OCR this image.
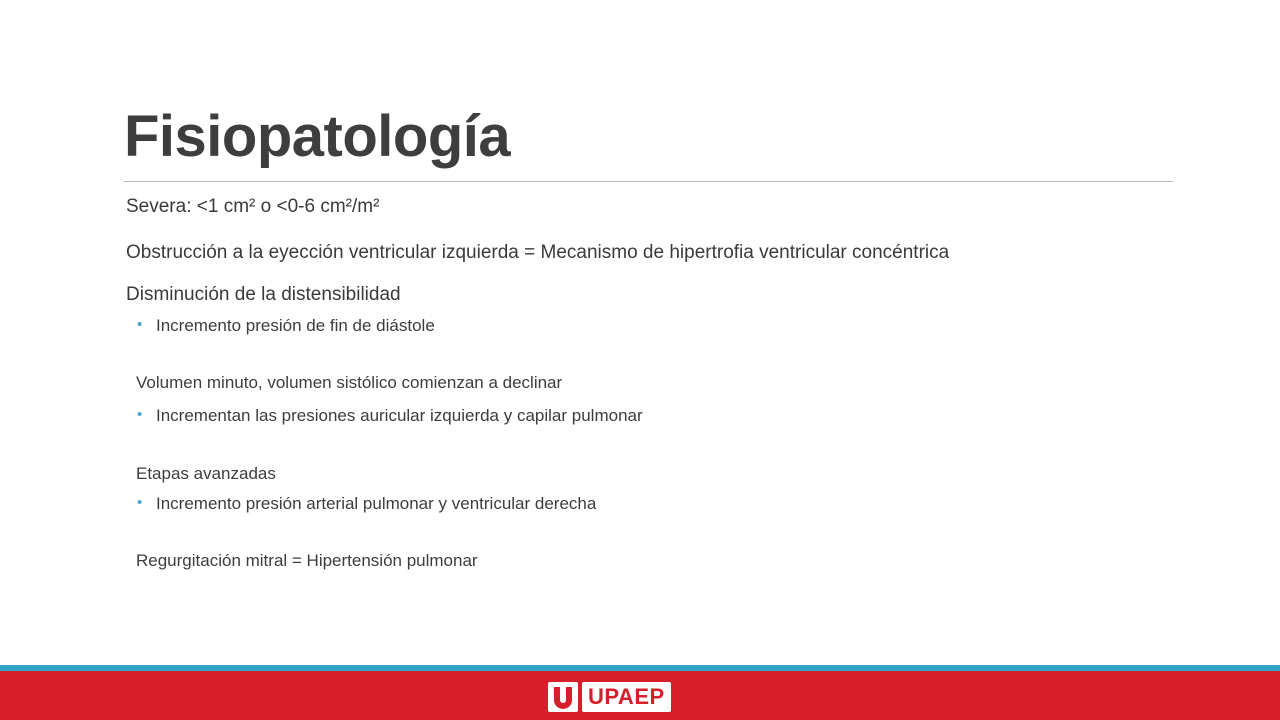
Fisiopatología
Severa: <1 cm² o <0-6 cm²/m²
Obstrucción a la eyección ventricular izquierda = Mecanismo de hipertrofia ventricular concéntrica
Disminución de la distensibilidad
• Incremento presión de fin de diástole
Volumen minuto, volumen sistólico comienzan a declinar
• Incrementan las presiones auricular izquierda y capilar pulmonar
Etapas avanzadas
• Incremento presión arterial pulmonar y ventricular derecha
Regurgitación mitral = Hipertensión pulmonar
UPAEP
